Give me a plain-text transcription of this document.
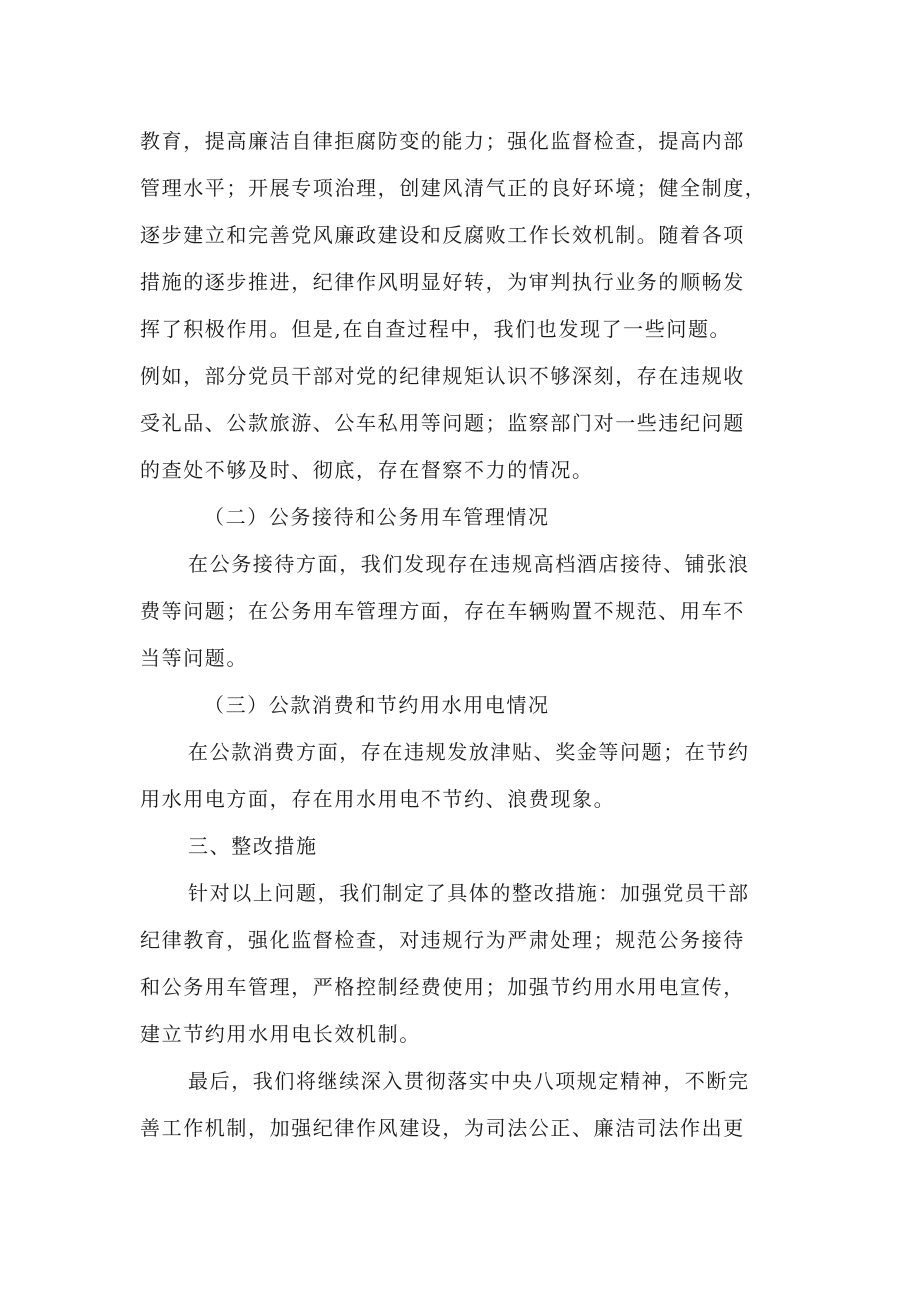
教育，提高廉洁自律拒腐防变的能力；强化监督检查，提高内部
管理水平；开展专项治理，创建风清气正的良好环境；健全制度，
逐步建立和完善党风廉政建设和反腐败工作长效机制。随着各项
措施的逐步推进，纪律作风明显好转，为审判执行业务的顺畅发
挥了积极作用。但是,在自查过程中，我们也发现了一些问题。
例如，部分党员干部对党的纪律规矩认识不够深刻，存在违规收
受礼品、公款旅游、公车私用等问题；监察部门对一些违纪问题
的查处不够及时、彻底，存在督察不力的情况。
（二）公务接待和公务用车管理情况
在公务接待方面，我们发现存在违规高档酒店接待、铺张浪
费等问题；在公务用车管理方面，存在车辆购置不规范、用车不
当等问题。
（三）公款消费和节约用水用电情况
在公款消费方面，存在违规发放津贴、奖金等问题；在节约
用水用电方面，存在用水用电不节约、浪费现象。
三、整改措施
针对以上问题，我们制定了具体的整改措施：加强党员干部
纪律教育，强化监督检查，对违规行为严肃处理；规范公务接待
和公务用车管理，严格控制经费使用；加强节约用水用电宣传，
建立节约用水用电长效机制。
最后，我们将继续深入贯彻落实中央八项规定精神，不断完
善工作机制，加强纪律作风建设，为司法公正、廉洁司法作出更
